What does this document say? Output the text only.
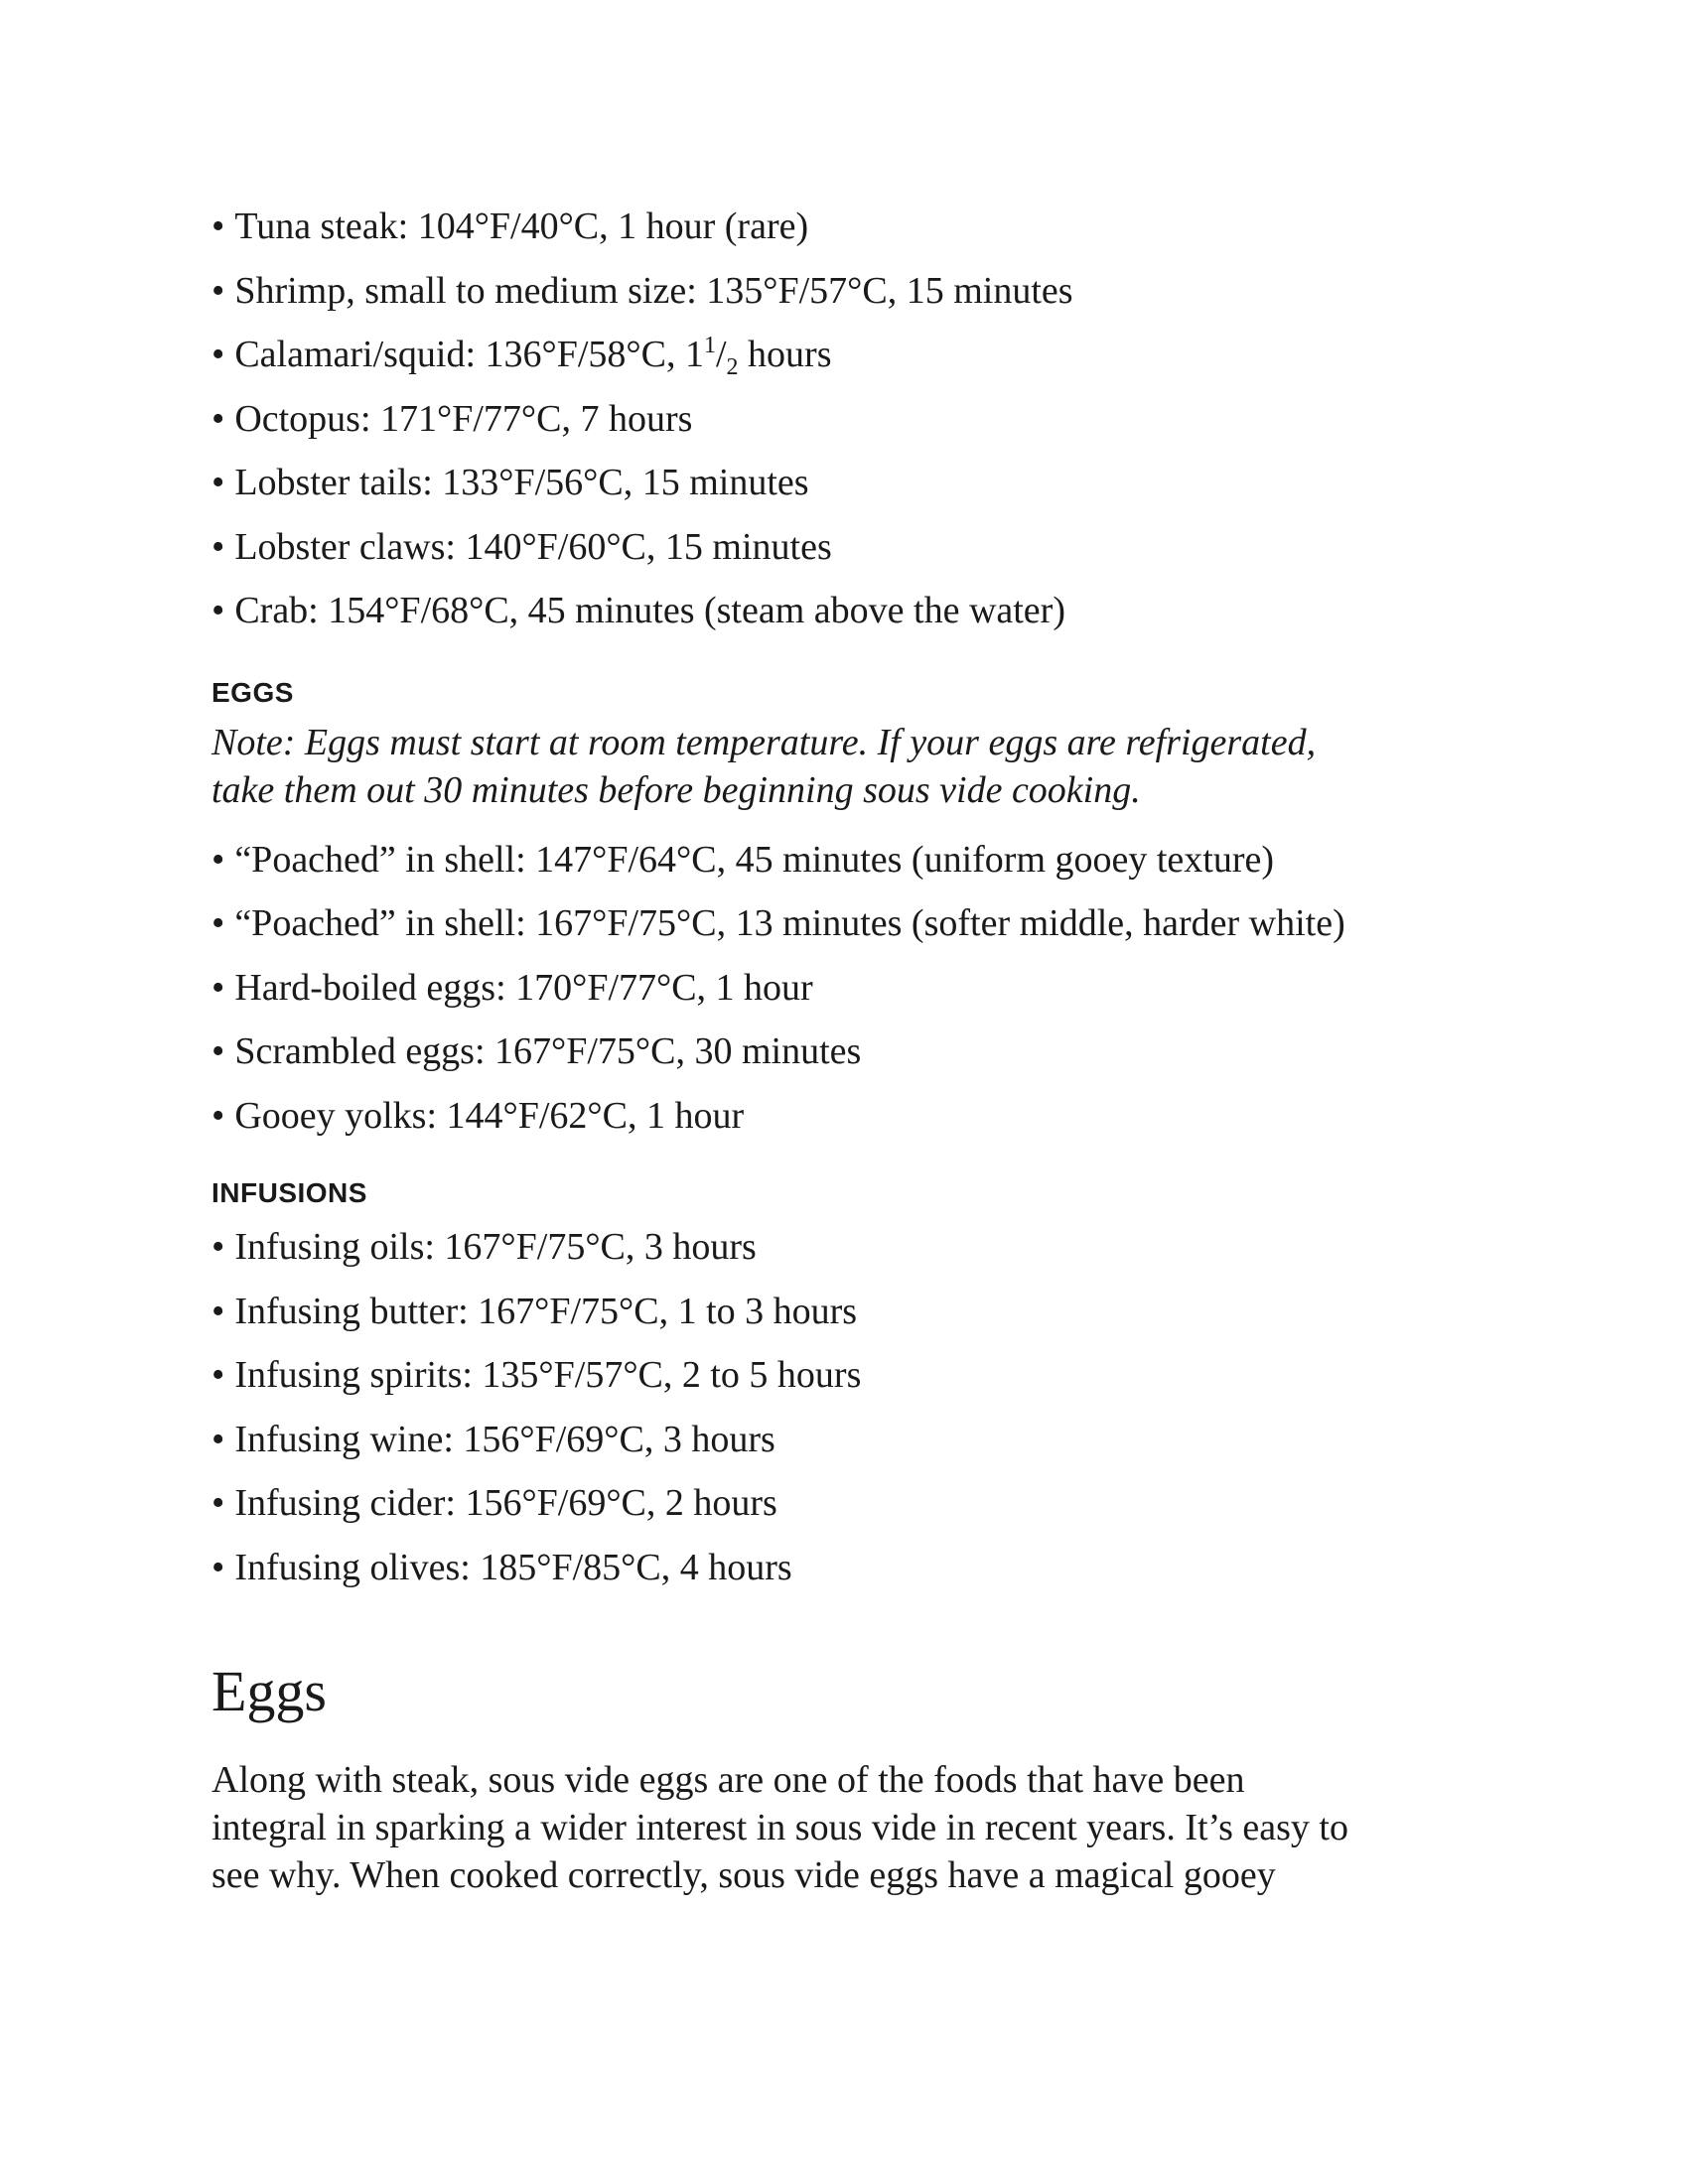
• Tuna steak: 104°F/40°C, 1 hour (rare)
• Shrimp, small to medium size: 135°F/57°C, 15 minutes
• Calamari/squid: 136°F/58°C, $1^1/_2$ hours
• Octopus: 171°F/77°C, 7 hours
• Lobster tails: 133°F/56°C, 15 minutes
• Lobster claws: 140°F/60°C, 15 minutes
• Crab: 154°F/68°C, 45 minutes (steam above the water)
EGGS

Note: Eggs must start at room temperature. If your eggs are refrigerated,
take them out 30 minutes before beginning sous vide cooking.

• “Poached” in shell: 147°F/64°C, 45 minutes (uniform gooey texture)
• “Poached” in shell: 167°F/75°C, 13 minutes (softer middle, harder white)
• Hard-boiled eggs: 170°F/77°C, 1 hour
• Scrambled eggs: 167°F/75°C, 30 minutes
• Gooey yolks: 144°F/62°C, 1 hour
INFUSIONS
• Infusing oils: 167°F/75°C, 3 hours
• Infusing butter: 167°F/75°C, 1 to 3 hours
• Infusing spirits: 135°F/57°C, 2 to 5 hours
• Infusing wine: 156°F/69°C, 3 hours
• Infusing cider: 156°F/69°C, 2 hours
• Infusing olives: 185°F/85°C, 4 hours
Eggs

Along with steak, sous vide eggs are one of the foods that have been
integral in sparking a wider interest in sous vide in recent years. It’s easy to
see why. When cooked correctly, sous vide eggs have a magical gooey
